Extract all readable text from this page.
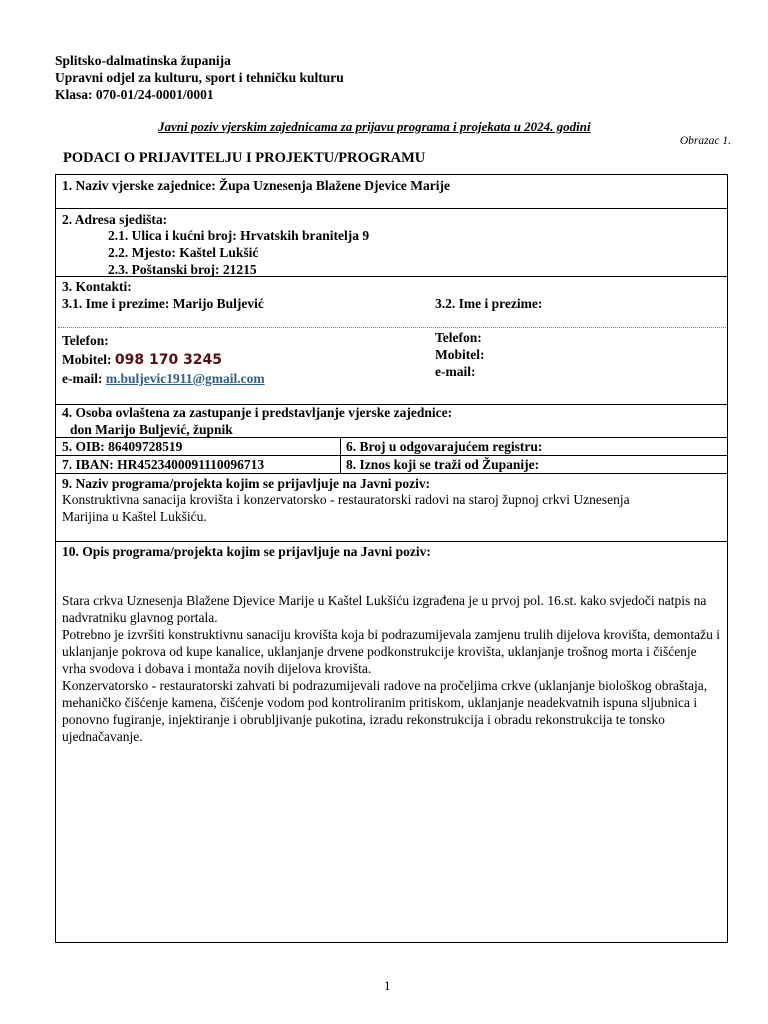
Splitsko-dalmatinska županija
Upravni odjel za kulturu, sport i tehničku kulturu
Klasa: 070-01/24-0001/0001
Javni poziv vjerskim zajednicama za prijavu programa i projekata u 2024. godini
Obrazac 1.
PODACI O PRIJAVITELJU I PROJEKTU/PROGRAMU
1. Naziv vjerske zajednice: Župa Uznesenja Blažene Djevice Marije
2. Adresa sjedišta:
2.1. Ulica i kućni broj: Hrvatskih branitelja 9
2.2. Mjesto: Kaštel Lukšić
2.3. Poštanski broj: 21215
3. Kontakti:
3.1. Ime i prezime: Marijo Buljević	3.2. Ime i prezime:
Telefon:
Mobitel: 098 170 3245
e-mail: m.buljevic1911@gmail.com
Telefon:
Mobitel:
e-mail:
4. Osoba ovlaštena za zastupanje i predstavljanje vjerske zajednice:
don Marijo Buljević, župnik
5. OIB: 86409728519	6. Broj u odgovarajućem registru:
7. IBAN: HR4523400091110096713	8. Iznos koji se traži od Županije:
9. Naziv programa/projekta kojim se prijavljuje na Javni poziv:
Konstruktivna sanacija krovišta i konzervatorsko - restauratorski radovi na staroj župnoj crkvi Uznesenja
Marijina u Kaštel Lukšiću.
10. Opis programa/projekta kojim se prijavljuje na Javni poziv:
Stara crkva Uznesenja Blažene Djevice Marije u Kaštel Lukšiću izgrađena je u prvoj pol. 16.st. kako svjedoči natpis na nadvratniku glavnog portala.
Potrebno je izvršiti konstruktivnu sanaciju krovišta koja bi podrazumijevala zamjenu trulih dijelova krovišta, demontažu i uklanjanje pokrova od kupe kanalice, uklanjanje drvene podkonstrukcije krovišta, uklanjanje trošnog morta i čišćenje vrha svodova i dobava i montaža novih dijelova krovišta.
Konzervatorsko - restauratorski zahvati bi podrazumijevali radove na pročeljima crkve (uklanjanje biološkog obraštaja, mehaničko čišćenje kamena, čišćenje vodom pod kontroliranim pritiskom, uklanjanje neadekvatnih ispuna sljubnica i ponovno fugiranje, injektiranje i obrubljivanje pukotina, izradu rekonstrukcija i obradu rekonstrukcija te tonsko ujednačavanje.
1
